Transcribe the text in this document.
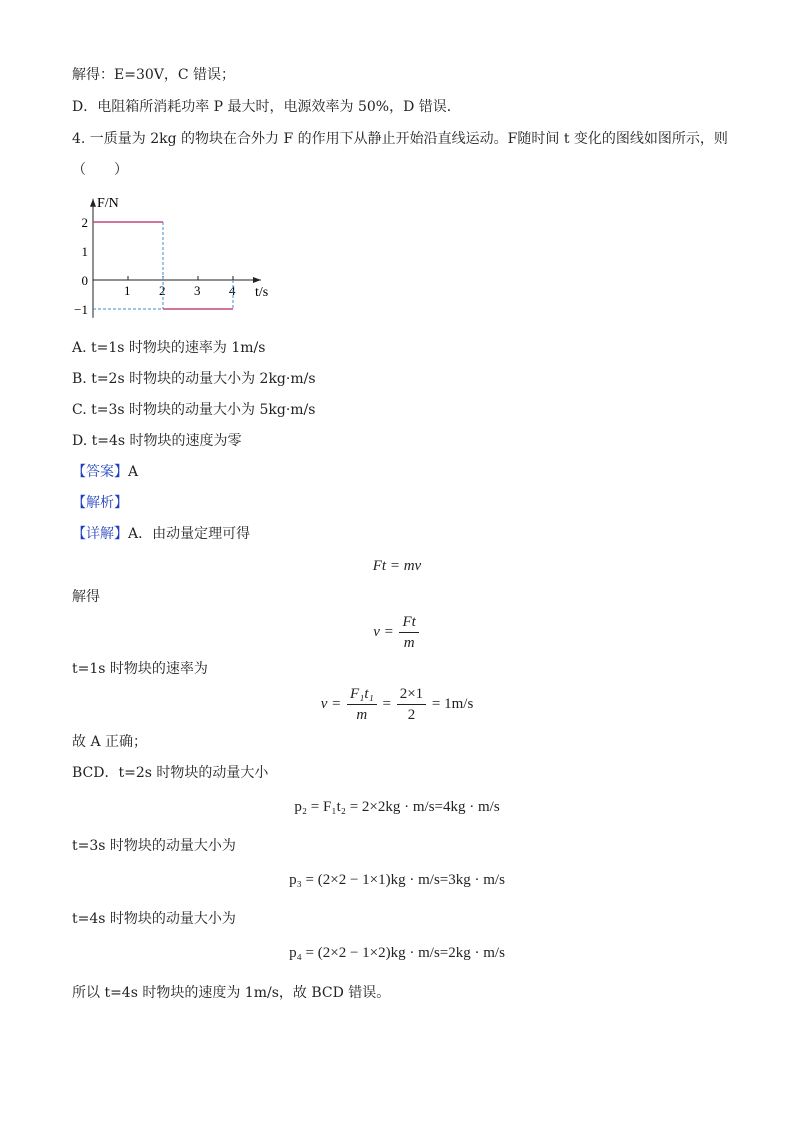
解得：E=30V，C 错误；
D．电阻箱所消耗功率 P 最大时，电源效率为 50%，D 错误．
4. 一质量为 2kg 的物块在合外力 F 的作用下从静止开始沿直线运动。F随时间 t 变化的图线如图所示，则
（　　）
F/N
t/s
1 2 3 4
2
1
0
−1
A. t=1s 时物块的速率为 1m/s
B. t=2s 时物块的动量大小为 2kg·m/s
C. t=3s 时物块的动量大小为 5kg·m/s
D. t=4s 时物块的速度为零
【答案】A
【解析】
【详解】A．由动量定理可得
Ft = mv
解得
$v = \frac{Ft}{m}$
t=1s 时物块的速率为
$v = \frac{\text{F₁t₁}}{m} = \frac{2\times 1}{2} = 1m/s$
故 A 正确；
BCD．t=2s 时物块的动量大小
p₂ = F₁t₂ = 2×2kg · m/s=4kg · m/s
t=3s 时物块的动量大小为
p₃ = (2×2 − 1×1)kg · m/s=3kg · m/s
t=4s 时物块的动量大小为
p₄ = (2×2 − 1×2)kg · m/s=2kg · m/s
所以 t=4s 时物块的速度为 1m/s，故 BCD 错误。
